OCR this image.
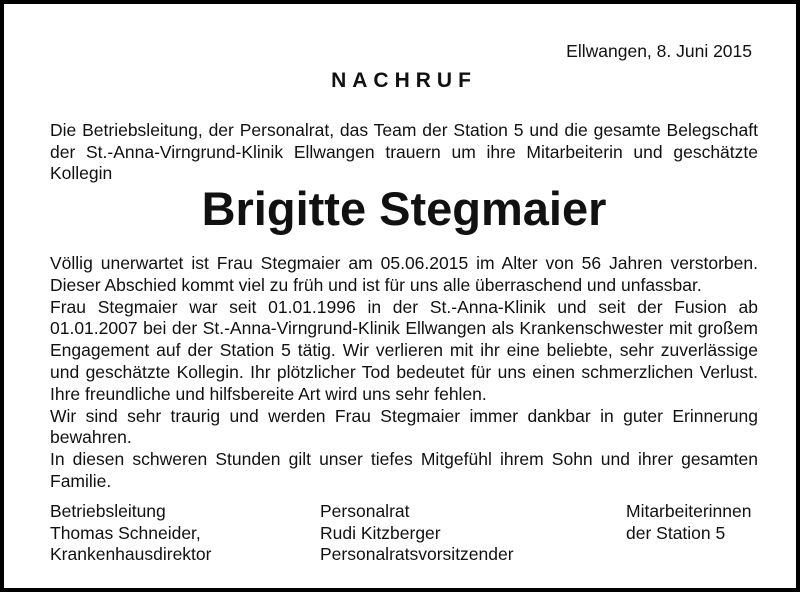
Ellwangen, 8. Juni 2015
NACHRUF
Die Betriebsleitung, der Personalrat, das Team der Station 5 und die gesamte Belegschaft der St.-Anna-Virngrund-Klinik Ellwangen trauern um ihre Mitarbeiterin und geschätzte Kollegin
Brigitte Stegmaier

Völlig unerwartet ist Frau Stegmaier am 05.06.2015 im Alter von 56 Jahren verstorben. Dieser Abschied kommt viel zu früh und ist für uns alle überraschend und unfassbar.

Frau Stegmaier war seit 01.01.1996 in der St.-Anna-Klinik und seit der Fusion ab 01.01.2007 bei der St.-Anna-Virngrund-Klinik Ellwangen als Krankenschwester mit großem Engagement auf der Station 5 tätig. Wir verlieren mit ihr eine beliebte, sehr zuverlässige und geschätzte Kollegin. Ihr plötzlicher Tod bedeutet für uns einen schmerzlichen Verlust. Ihre freundliche und hilfsbereite Art wird uns sehr fehlen.

Wir sind sehr traurig und werden Frau Stegmaier immer dankbar in guter Erinnerung bewahren.

In diesen schweren Stunden gilt unser tiefes Mitgefühl ihrem Sohn und ihrer gesamten Familie.

Betriebsleitung
Thomas Schneider,
Krankenhausdirektor
Personalrat
Rudi Kitzberger
Personalratsvorsitzender
Mitarbeiterinnen
der Station 5
